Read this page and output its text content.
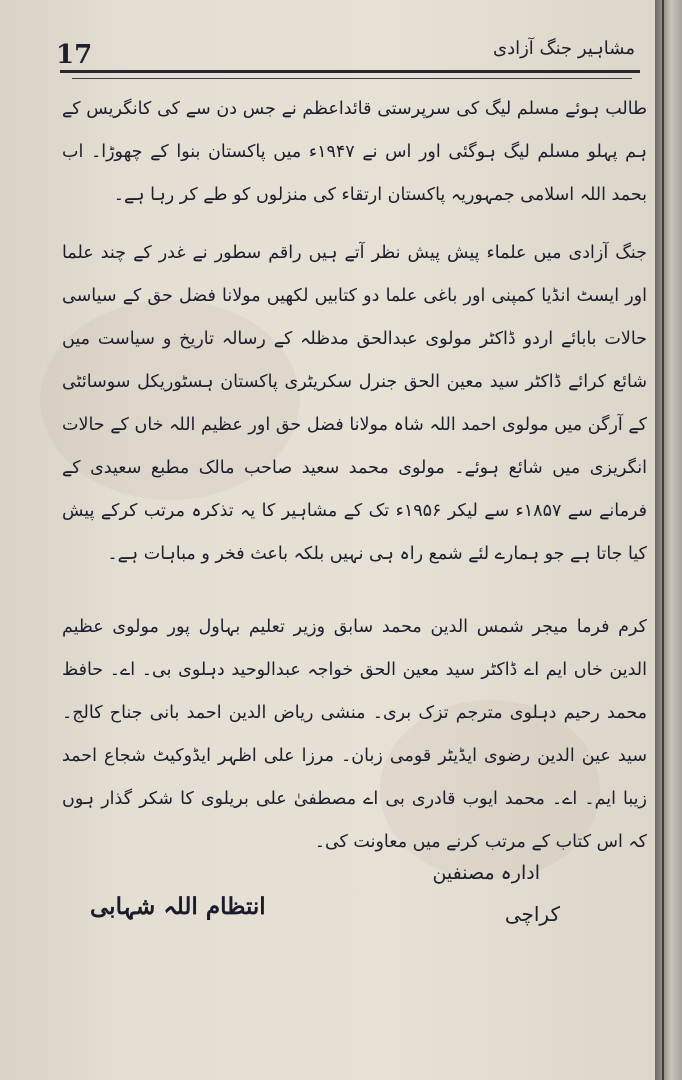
17	مشاہیر جنگ آزادی

طالب ہوئے مسلم لیگ کی سرپرستی قائداعظم نے جس دن سے کی کانگریس کے ہم پہلو مسلم لیگ ہوگئی اور اس نے ۱۹۴۷ء میں پاکستان بنوا کے چھوڑا۔ اب بحمد اللہ اسلامی جمہوریہ پاکستان ارتقاء کی منزلوں کو طے کر رہا ہے۔

جنگ آزادی میں علماء پیش پیش نظر آتے ہیں راقم سطور نے غدر کے چند علما اور ایسٹ انڈیا کمپنی اور باغی علما دو کتابیں لکھیں مولانا فضل حق کے سیاسی حالات بابائے اردو ڈاکٹر مولوی عبدالحق مدظلہ کے رسالہ تاریخ و سیاست میں شائع کرائے ڈاکٹر سید معین الحق جنرل سکریٹری پاکستان ہسٹوریکل سوسائٹی کے آرگن میں مولوی احمد اللہ شاہ مولانا فضل حق اور عظیم اللہ خاں کے حالات انگریزی میں شائع ہوئے۔ مولوی محمد سعید صاحب مالک مطبع سعیدی کے فرمانے سے ۱۸۵۷ء سے لیکر ۱۹۵۶ء تک کے مشاہیر کا یہ تذکرہ مرتب کرکے پیش کیا جاتا ہے جو ہمارے لئے شمع راہ ہی نہیں بلکہ باعث فخر و مباہات ہے۔

کرم فرما میجر شمس الدین محمد سابق وزیر تعلیم بہاول پور مولوی عظیم الدین خاں ایم اے ڈاکٹر سید معین الحق خواجہ عبدالوحید دہلوی بی۔ اے۔ حافظ محمد رحیم دہلوی مترجم تزک بری۔ منشی ریاض الدین احمد بانی جناح کالج۔ سید عین الدین رضوی ایڈیٹر قومی زبان۔ مرزا علی اظہر ایڈوکیٹ شجاع احمد زیبا ایم۔ اے۔ محمد ایوب قادری بی اے مصطفیٰ علی بریلوی کا شکر گذار ہوں کہ اس کتاب کے مرتب کرنے میں معاونت کی۔

ادارہ مصنفین
کراچی
انتظام اللہ شہابی
